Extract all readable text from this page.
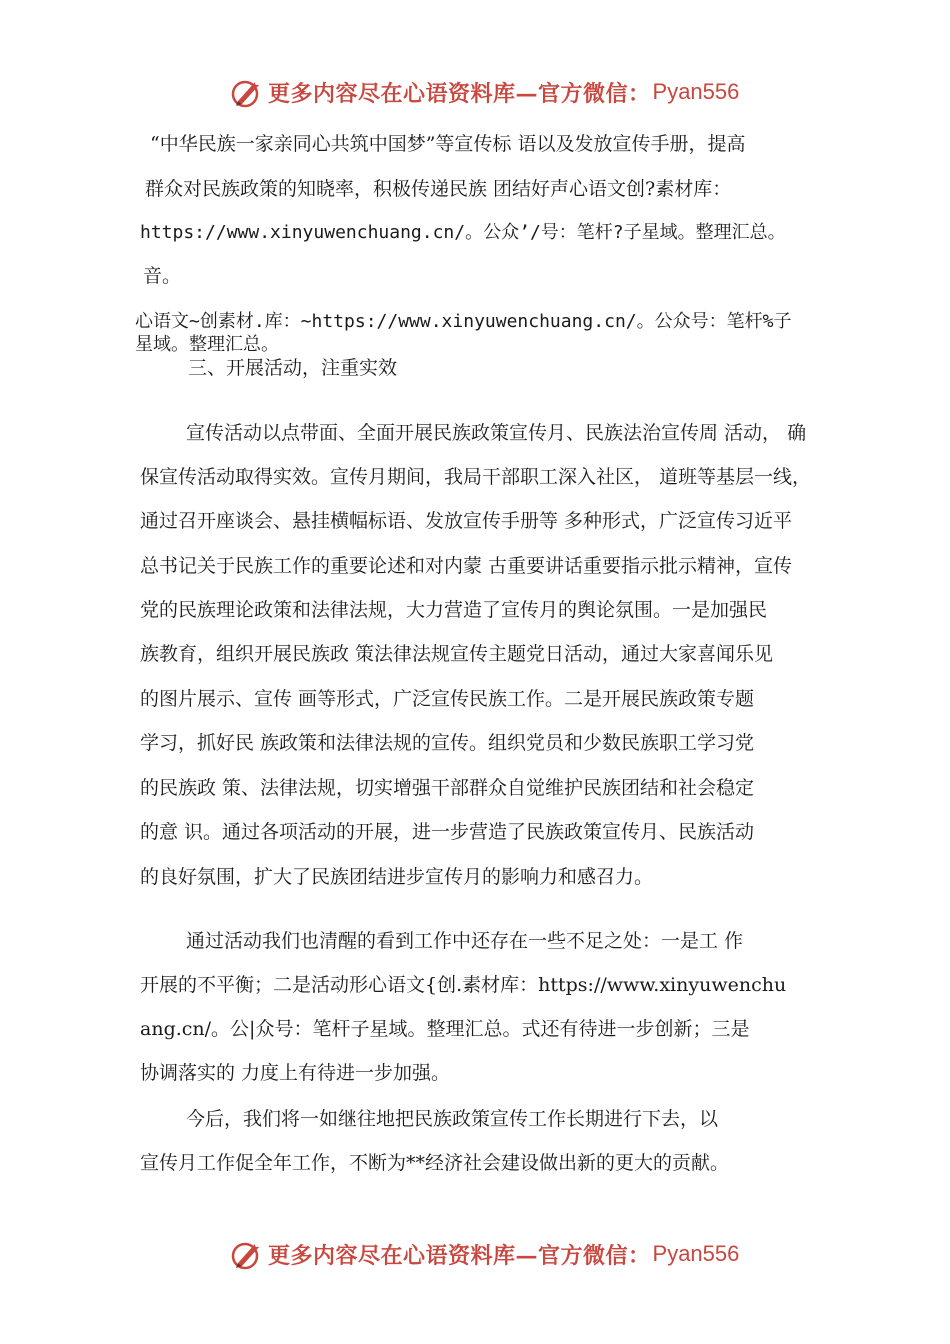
更多内容尽在心语资料库—官方微信： Pyan556
“中华民族一家亲同心共筑中国梦”等宣传标 语以及发放宣传手册，提高
群众对民族政策的知晓率，积极传递民族 团结好声心语文创?素材库：
https://www.xinyuwenchuang.cn/。公众’/号：笔杆?子星域。整理汇总。
音。
心语文~创素材.库：~https://www.xinyuwenchuang.cn/。公众号：笔杆%子
星域。整理汇总。
三、开展活动，注重实效
宣传活动以点带面、全面开展民族政策宣传月、民族法治宣传周 活动， 确
保宣传活动取得实效。宣传月期间，我局干部职工深入社区， 道班等基层一线，
通过召开座谈会、悬挂横幅标语、发放宣传手册等 多种形式，广泛宣传习近平
总书记关于民族工作的重要论述和对内蒙 古重要讲话重要指示批示精神，宣传
党的民族理论政策和法律法规，大力营造了宣传月的舆论氛围。一是加强民
族教育，组织开展民族政 策法律法规宣传主题党日活动，通过大家喜闻乐见
的图片展示、宣传 画等形式，广泛宣传民族工作。二是开展民族政策专题
学习，抓好民 族政策和法律法规的宣传。组织党员和少数民族职工学习党
的民族政 策、法律法规，切实增强干部群众自觉维护民族团结和社会稳定
的意 识。通过各项活动的开展，进一步营造了民族政策宣传月、民族活动
的良好氛围，扩大了民族团结进步宣传月的影响力和感召力。
通过活动我们也清醒的看到工作中还存在一些不足之处：一是工 作
开展的不平衡；二是活动形心语文{创.素材库：https://www.xinyuwenchu
ang.cn/。公|众号：笔杆子星域。整理汇总。式还有待进一步创新；三是
协调落实的 力度上有待进一步加强。
今后，我们将一如继往地把民族政策宣传工作长期进行下去，以
宣传月工作促全年工作，不断为**经济社会建设做出新的更大的贡献。
更多内容尽在心语资料库—官方微信： Pyan556
